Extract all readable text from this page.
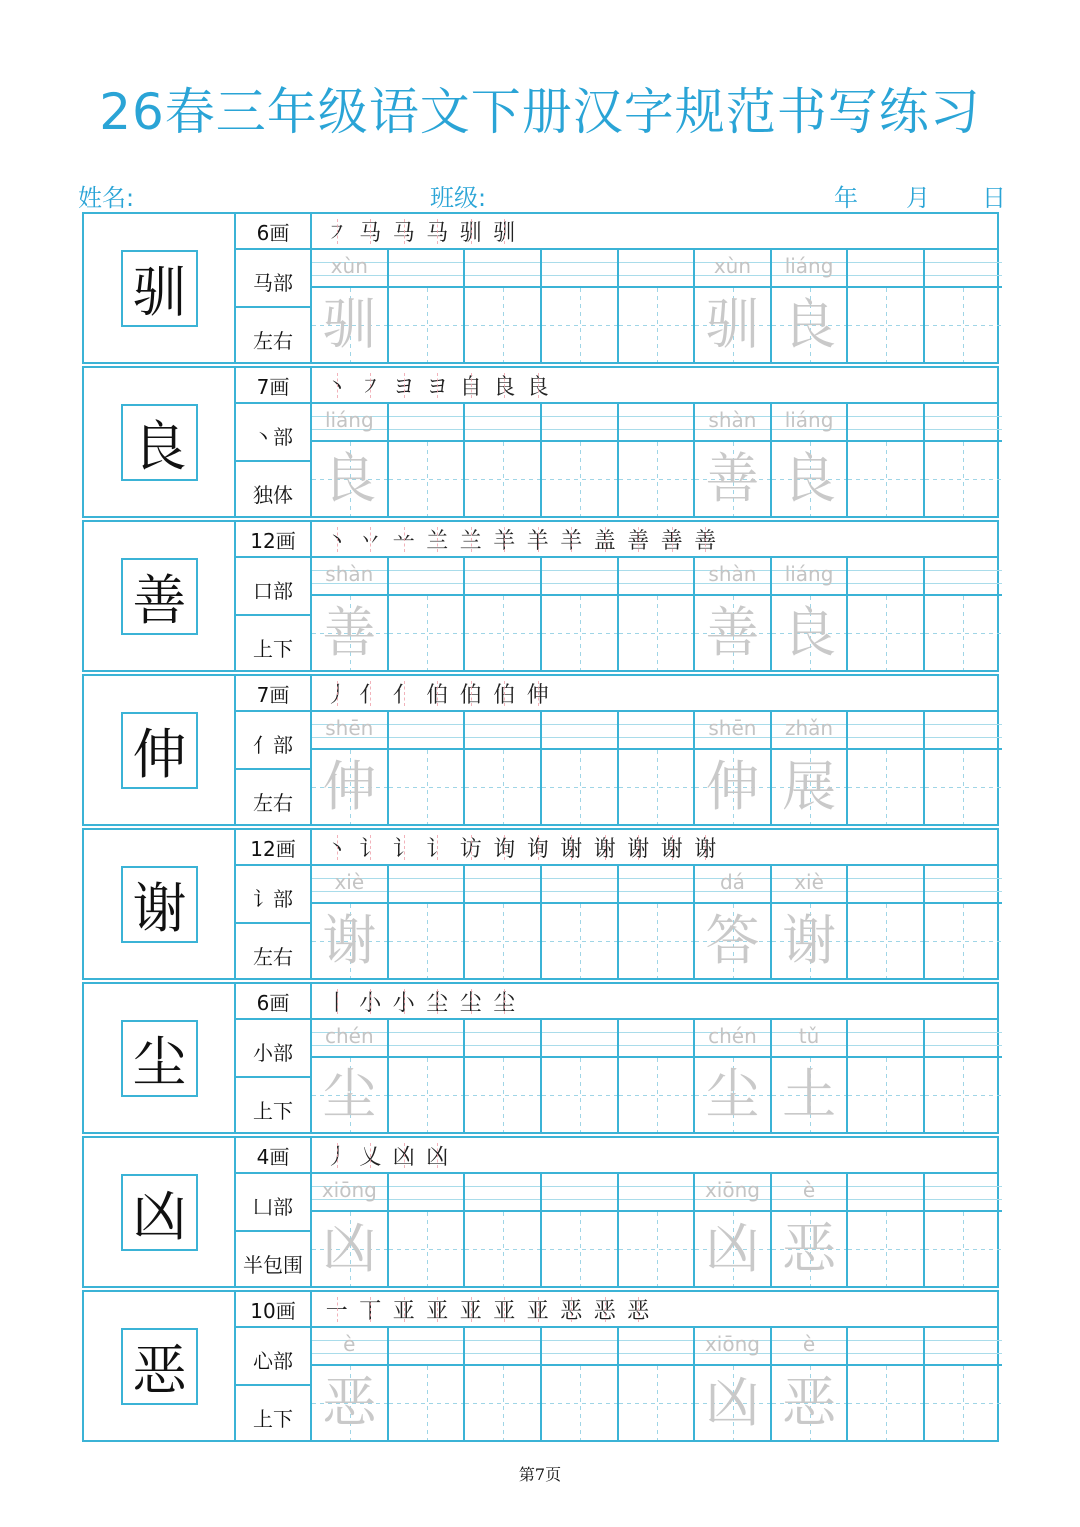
26春三年级语文下册汉字规范书写练习
姓名:	班级:	年 月 日
驯
6画
马部
左右
㇇ 马 马 马 驯 驯
xùn
驯
xùn
驯
liáng
良
良
7画
丶部
独体
丶 ㇇ ヨ ヨ 自 良 良
liáng
良
shàn
善
liáng
良
善
12画
口部
上下
丶 丷 䒑 兰 兰 羊 羊 羊 盖 善 善 善
shàn
善
shàn
善
liáng
良
伸
7画
亻部
左右
丿 亻 亻 伯 伯 伯 伸
shēn
伸
shēn
伸
zhǎn
展
谢
12画
讠部
左右
丶 讠 讠 讠 访 询 询 谢 谢 谢 谢 谢
xiè
谢
dá
答
xiè
谢
尘
6画
小部
上下
丨 小 小 尘 尘 尘
chén
尘
chén
尘
tǔ
土
凶
4画
凵部
半包围
丿 乂 凶 凶
xiōng
凶
xiōng
凶
è
恶
恶
10画
心部
上下
一 丅 亚 亚 亚 亚 亚 恶 恶 恶
è
恶
xiōng
凶
è
恶
第7页
